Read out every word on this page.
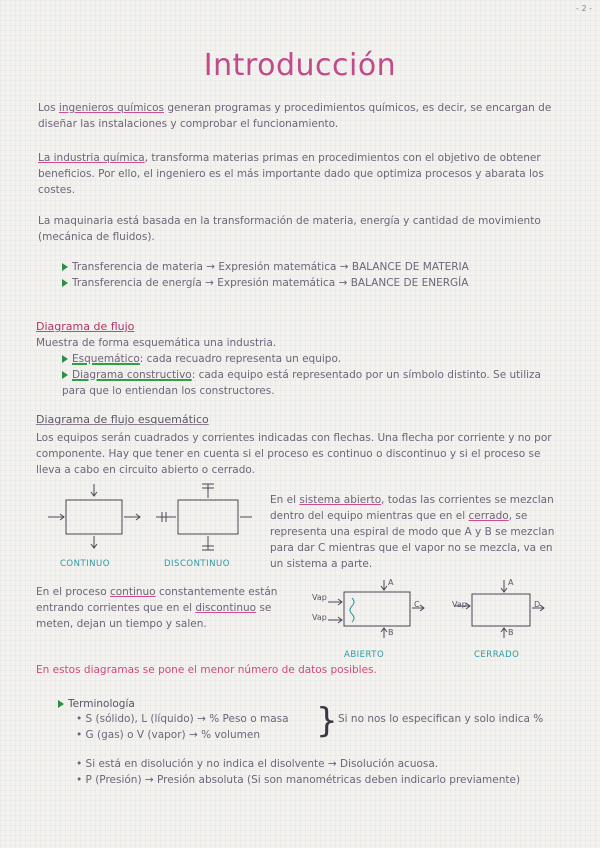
- 2 -
Introducción
Los ingenieros químicos generan programas y procedimientos químicos, es decir, se encargan de diseñar las instalaciones y comprobar el funcionamiento.
La industria química, transforma materias primas en procedimientos con el objetivo de obtener beneficios. Por ello, el ingeniero es el más importante dado que optimiza procesos y abarata los costes.
La maquinaria está basada en la transformación de materia, energía y cantidad de movimiento (mecánica de fluidos).
Transferencia de materia → Expresión matemática → BALANCE DE MATERIA
Transferencia de energía → Expresión matemática → BALANCE DE ENERGÍA
Diagrama de flujo
Muestra de forma esquemática una industria.
Esquemático: cada recuadro representa un equipo.
Diagrama constructivo: cada equipo está representado por un símbolo distinto. Se utiliza para que lo entiendan los constructores.
Diagrama de flujo esquemático
Los equipos serán cuadrados y corrientes indicadas con flechas. Una flecha por corriente y no por componente. Hay que tener en cuenta si el proceso es continuo o discontinuo y si el proceso se lleva a cabo en circuito abierto o cerrado.
CONTINUO	DISCONTINUO
En el sistema abierto, todas las corrientes se mezclan dentro del equipo mientras que en el cerrado, se representa una espiral de modo que A y B se mezclan para dar C mientras que el vapor no se mezcla, va en un sistema a parte.
En el proceso continuo constantemente están entrando corrientes que en el discontinuo se meten, dejan un tiempo y salen.
Vap
Vap
A
C
B
Vap
A
D
B
ABIERTO	CERRADO
En estos diagramas se pone el menor número de datos posibles.
Terminología
• S (sólido), L (líquido) → % Peso o masa
• G (gas) o V (vapor) → % volumen	} Si no nos lo especifican y solo indica %
• Si está en disolución y no indica el disolvente → Disolución acuosa.
• P (Presión) → Presión absoluta (Si son manométricas deben indicarlo previamente)
